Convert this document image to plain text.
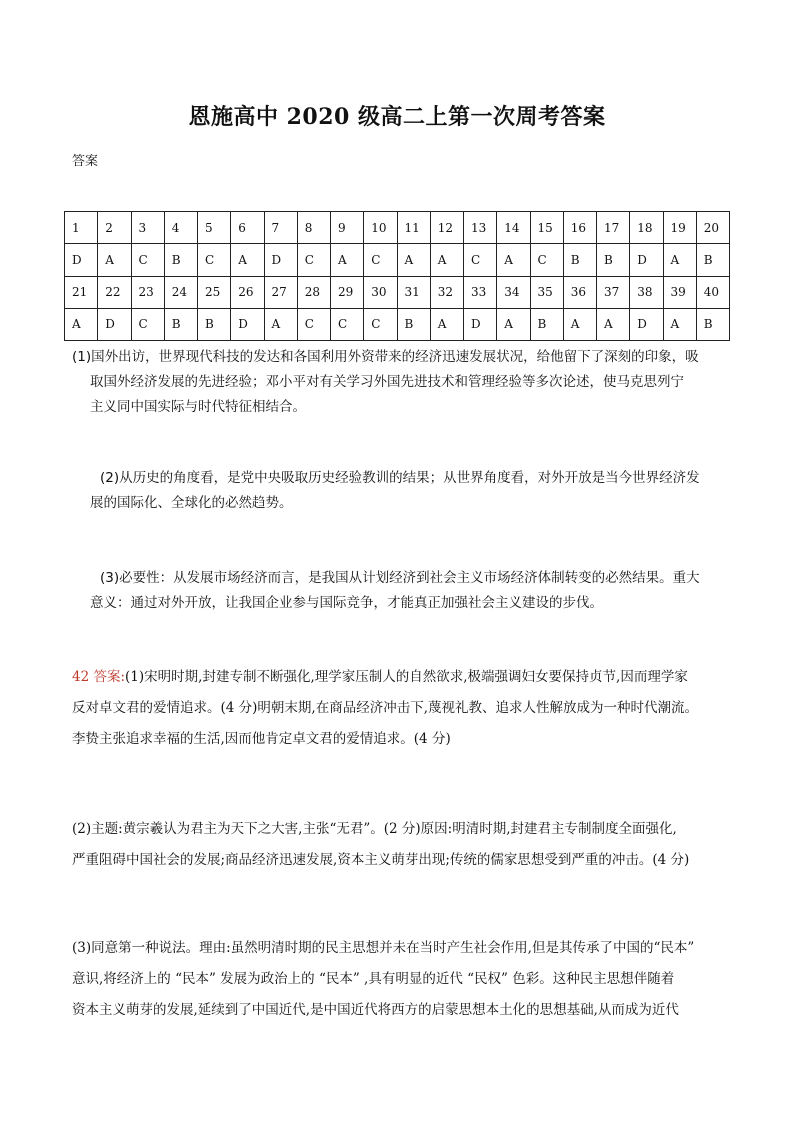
恩施高中 2020 级高二上第一次周考答案
答案
1	2	3	4	5	6	7	8	9	10	11	12	13	14	15	16	17	18	19	20
D	A	C	B	C	A	D	C	A	C	A	A	C	A	C	B	B	D	A	B
21	22	23	24	25	26	27	28	29	30	31	32	33	34	35	36	37	38	39	40
A	D	C	B	B	D	A	C	C	C	B	A	D	A	B	A	A	D	A	B
(1)国外出访，世界现代科技的发达和各国利用外资带来的经济迅速发展状况，给他留下了深刻的印象，吸
取国外经济发展的先进经验；邓小平对有关学习外国先进技术和管理经验等多次论述，使马克思列宁
主义同中国实际与时代特征相结合。
(2)从历史的角度看，是党中央吸取历史经验教训的结果；从世界角度看，对外开放是当今世界经济发
展的国际化、全球化的必然趋势。
(3)必要性：从发展市场经济而言，是我国从计划经济到社会主义市场经济体制转变的必然结果。重大
意义：通过对外开放，让我国企业参与国际竞争，才能真正加强社会主义建设的步伐。
42 答案:(1)宋明时期,封建专制不断强化,理学家压制人的自然欲求,极端强调妇女要保持贞节,因而理学家
反对卓文君的爱情追求。(4 分)明朝末期,在商品经济冲击下,蔑视礼教、追求人性解放成为一种时代潮流。
李贽主张追求幸福的生活,因而他肯定卓文君的爱情追求。(4 分)
(2)主题:黄宗羲认为君主为天下之大害,主张“无君”。(2 分)原因:明清时期,封建君主专制制度全面强化,
严重阻碍中国社会的发展;商品经济迅速发展,资本主义萌芽出现;传统的儒家思想受到严重的冲击。(4 分)
(3)同意第一种说法。理由:虽然明清时期的民主思想并未在当时产生社会作用,但是其传承了中国的“民本”
意识,将经济上的 “民本” 发展为政治上的 “民本” ,具有明显的近代 “民权” 色彩。这种民主思想伴随着
资本主义萌芽的发展,延续到了中国近代,是中国近代将西方的启蒙思想本土化的思想基础,从而成为近代
